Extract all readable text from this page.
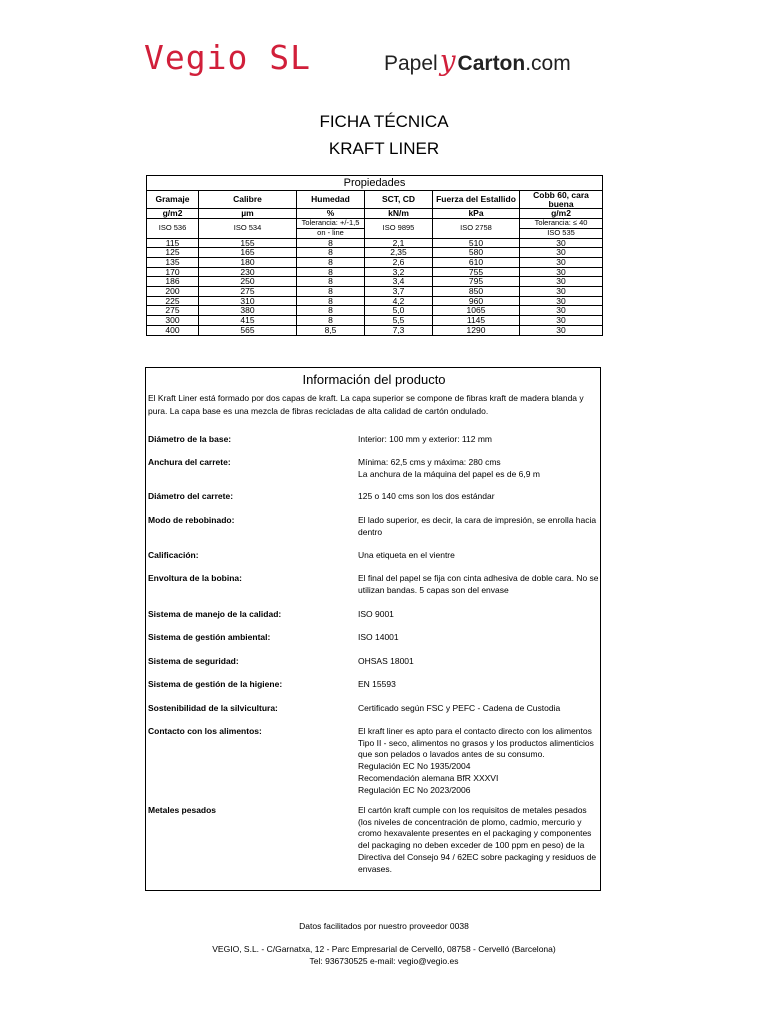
Vegio SL	PapelyCarton.com
FICHA TÉCNICA
KRAFT LINER
Propiedades					
Gramaje	Calibre	Humedad	SCT, CD	Fuerza del Estallido	Cobb 60, cara buena
g/m2	µm	%	kN/m	kPa	g/m2
ISO 536	ISO 534	Tolerancia: +/-1,5	ISO 9895	ISO 2758	Tolerancia: ≤ 40
		on - line			ISO 535
115	155	8	2,1	510	30
125	165	8	2,35	580	30
135	180	8	2,6	610	30
170	230	8	3,2	755	30
186	250	8	3,4	795	30
200	275	8	3,7	850	30
225	310	8	4,2	960	30
275	380	8	5,0	1065	30
300	415	8	5,5	1145	30
400	565	8,5	7,3	1290	30
Información del producto
El Kraft Liner está formado por dos capas de kraft. La capa superior se compone de fibras kraft de madera blanda y
pura. La capa base es una mezcla de fibras recicladas de alta calidad de cartón ondulado.
Diámetro de la base:	Interior: 100 mm y exterior: 112 mm
Anchura del carrete:	Mínima: 62,5 cms y máxima: 280 cms
La anchura de la máquina del papel es de 6,9 m
Diámetro del carrete:	125 o 140 cms son los dos estándar
Modo de rebobinado:	El lado superior, es decir, la cara de impresión, se enrolla hacia
dentro
Calificación:	Una etiqueta en el vientre
Envoltura de la bobina:	El final del papel se fija con cinta adhesiva de doble cara. No se
utilizan bandas. 5 capas son del envase
Sistema de manejo de la calidad:	ISO 9001
Sistema de gestión ambiental:	ISO 14001
Sistema de seguridad:	OHSAS 18001
Sistema de gestión de la higiene:	EN 15593
Sostenibilidad de la silvicultura:	Certificado según FSC y PEFC - Cadena de Custodia
Contacto con los alimentos:	El kraft liner es apto para el contacto directo con los alimentos
Tipo II - seco, alimentos no grasos y los productos alimenticios
que son pelados o lavados antes de su consumo.
Regulación EC No 1935/2004
Recomendación alemana BfR XXXVI
Regulación EC No 2023/2006
Metales pesados	El cartón kraft cumple con los requisitos de metales pesados
(los niveles de concentración de plomo, cadmio, mercurio y
cromo hexavalente presentes en el packaging y componentes
del packaging no deben exceder de 100 ppm en peso) de la
Directiva del Consejo 94 / 62EC sobre packaging y residuos de
envases.
Datos facilitados por nuestro proveedor 0038
VEGIO, S.L. - C/Garnatxa, 12 - Parc Empresarial de Cervelló, 08758 - Cervelló (Barcelona)
Tel: 936730525 e-mail: vegio@vegio.es
